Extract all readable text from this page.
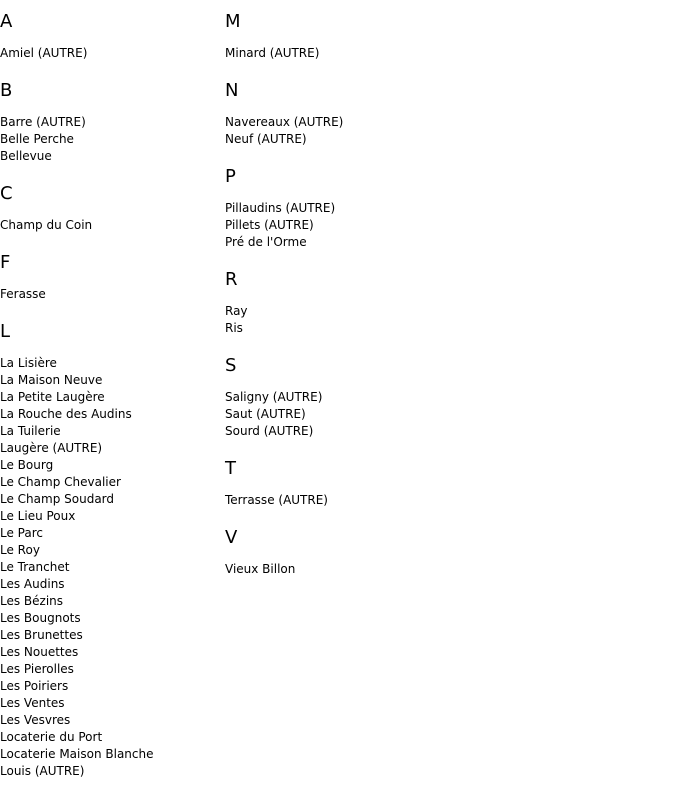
A
Amiel (AUTRE)
B
Barre (AUTRE)
Belle Perche
Bellevue
C
Champ du Coin
F
Ferasse
L
La Lisière
La Maison Neuve
La Petite Laugère
La Rouche des Audins
La Tuilerie
Laugère (AUTRE)
Le Bourg
Le Champ Chevalier
Le Champ Soudard
Le Lieu Poux
Le Parc
Le Roy
Le Tranchet
Les Audins
Les Bézins
Les Bougnots
Les Brunettes
Les Nouettes
Les Pierolles
Les Poiriers
Les Ventes
Les Vesvres
Locaterie du Port
Locaterie Maison Blanche
Louis (AUTRE)
M
Minard (AUTRE)
N
Navereaux (AUTRE)
Neuf (AUTRE)
P
Pillaudins (AUTRE)
Pillets (AUTRE)
Pré de l'Orme
R
Ray
Ris
S
Saligny (AUTRE)
Saut (AUTRE)
Sourd (AUTRE)
T
Terrasse (AUTRE)
V
Vieux Billon
